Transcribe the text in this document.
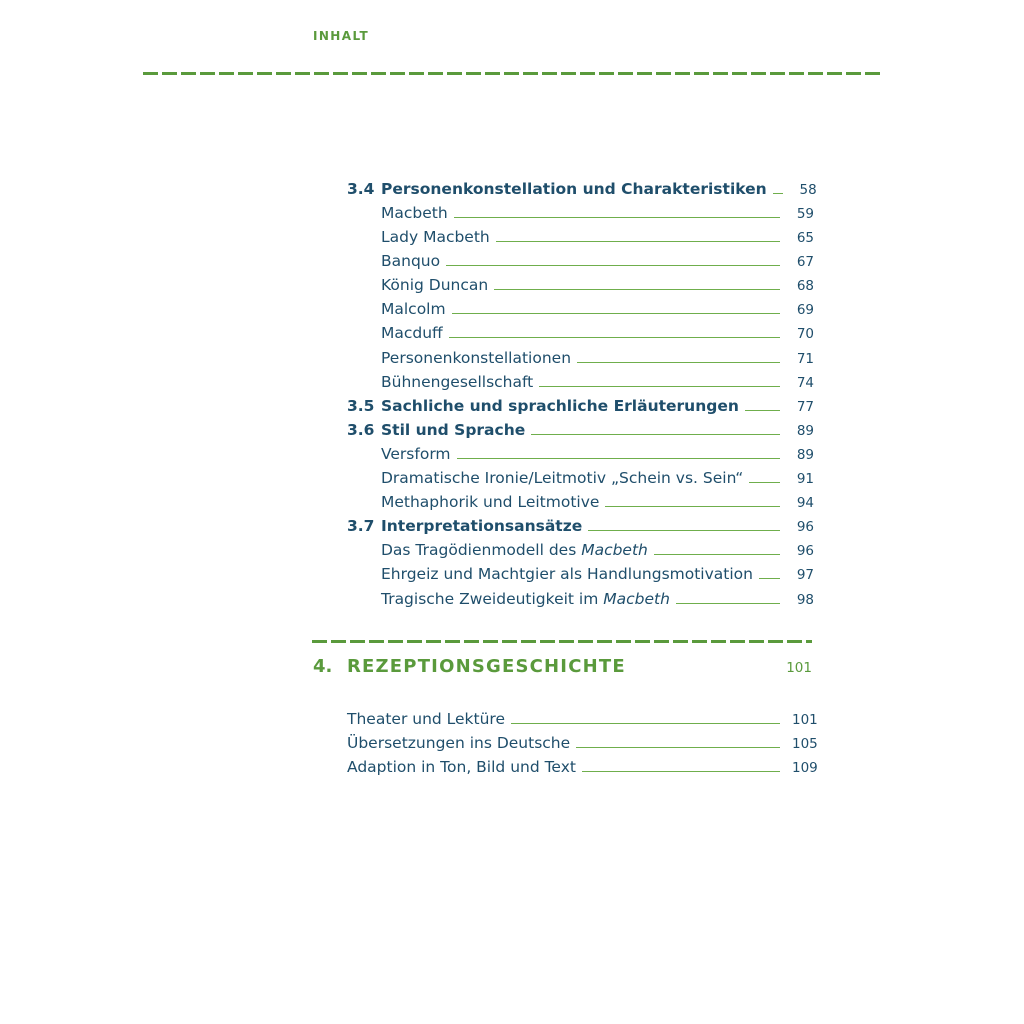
INHALT
3.4 Personenkonstellation und Charakteristiken	58
Macbeth	59
Lady Macbeth	65
Banquo	67
König Duncan	68
Malcolm	69
Macduff	70
Personenkonstellationen	71
Bühnengesellschaft	74
3.5 Sachliche und sprachliche Erläuterungen	77
3.6 Stil und Sprache	89
Versform	89
Dramatische Ironie/Leitmotiv „Schein vs. Sein“	91
Methaphorik und Leitmotive	94
3.7 Interpretationsansätze	96
Das Tragödienmodell des Macbeth	96
Ehrgeiz und Machtgier als Handlungsmotivation	97
Tragische Zweideutigkeit im Macbeth	98
4. REZEPTIONSGESCHICHTE	101
Theater und Lektüre	101
Übersetzungen ins Deutsche	105
Adaption in Ton, Bild und Text	109
